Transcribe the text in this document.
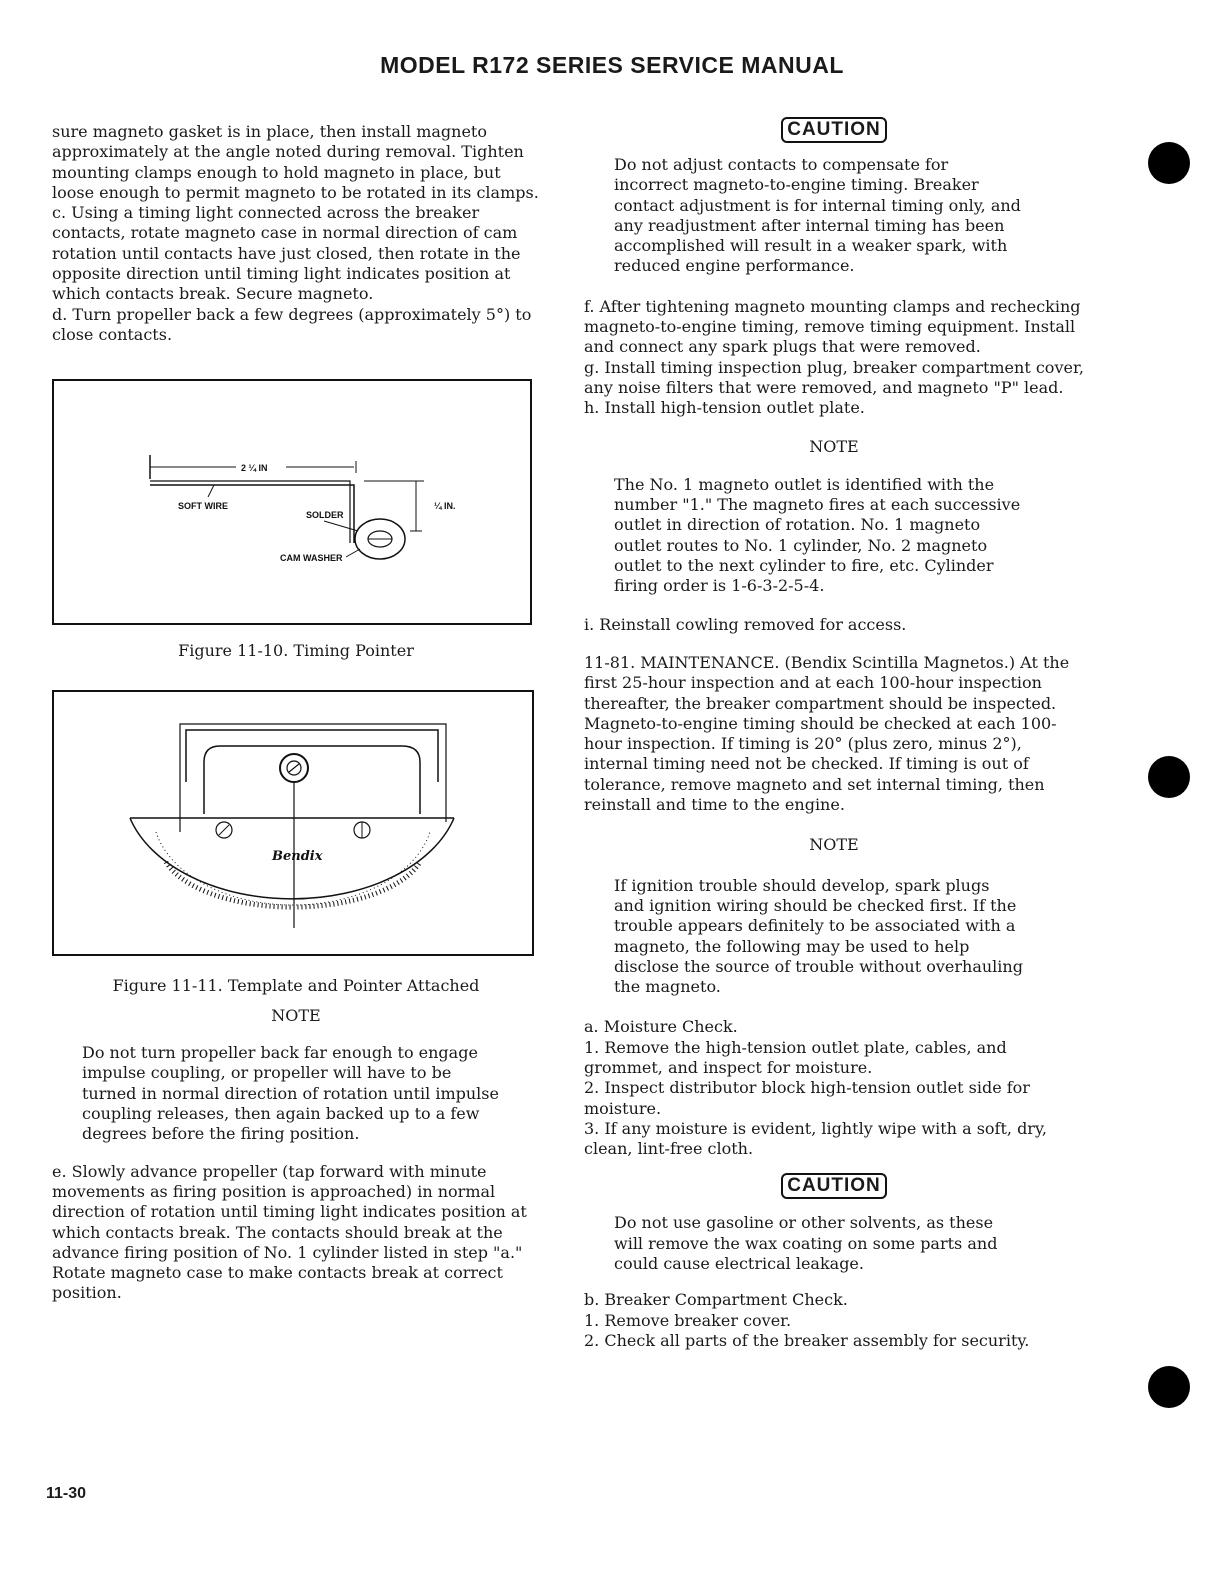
MODEL R172 SERIES SERVICE MANUAL

sure magneto gasket is in place, then install magneto approximately at the angle noted during removal. Tighten mounting clamps enough to hold magneto in place, but loose enough to permit magneto to be rotated in its clamps.

c. Using a timing light connected across the breaker contacts, rotate magneto case in normal direction of cam rotation until contacts have just closed, then rotate in the opposite direction until timing light indicates position at which contacts break. Secure magneto.

d. Turn propeller back a few degrees (approximately 5°) to close contacts.

2 ¼ IN
SOFT WIRE	¼ IN.
SOLDER
CAM WASHER

Figure 11-10. Timing Pointer

Bendix

Figure 11-11. Template and Pointer Attached

NOTE

Do not turn propeller back far enough to engage impulse coupling, or propeller will have to be turned in normal direction of rotation until impulse coupling releases, then again backed up to a few degrees before the firing position.

e. Slowly advance propeller (tap forward with minute movements as firing position is approached) in normal direction of rotation until timing light indicates position at which contacts break. The contacts should break at the advance firing position of No. 1 cylinder listed in step "a." Rotate magneto case to make contacts break at correct position.

CAUTION

Do not adjust contacts to compensate for incorrect magneto-to-engine timing. Breaker contact adjustment is for internal timing only, and any readjustment after internal timing has been accomplished will result in a weaker spark, with reduced engine performance.

f. After tightening magneto mounting clamps and rechecking magneto-to-engine timing, remove timing equipment. Install and connect any spark plugs that were removed.

g. Install timing inspection plug, breaker compartment cover, any noise filters that were removed, and magneto "P" lead.

h. Install high-tension outlet plate.

NOTE

The No. 1 magneto outlet is identified with the number "1." The magneto fires at each successive outlet in direction of rotation. No. 1 magneto outlet routes to No. 1 cylinder, No. 2 magneto outlet to the next cylinder to fire, etc. Cylinder firing order is 1-6-3-2-5-4.

i. Reinstall cowling removed for access.

11-81. MAINTENANCE. (Bendix Scintilla Magnetos.) At the first 25-hour inspection and at each 100-hour inspection thereafter, the breaker compartment should be inspected. Magneto-to-engine timing should be checked at each 100-hour inspection. If timing is 20° (plus zero, minus 2°), internal timing need not be checked. If timing is out of tolerance, remove magneto and set internal timing, then reinstall and time to the engine.

NOTE

If ignition trouble should develop, spark plugs and ignition wiring should be checked first. If the trouble appears definitely to be associated with a magneto, the following may be used to help disclose the source of trouble without overhauling the magneto.

a. Moisture Check.

1. Remove the high-tension outlet plate, cables, and grommet, and inspect for moisture.

2. Inspect distributor block high-tension outlet side for moisture.

3. If any moisture is evident, lightly wipe with a soft, dry, clean, lint-free cloth.

CAUTION

Do not use gasoline or other solvents, as these will remove the wax coating on some parts and could cause electrical leakage.

b. Breaker Compartment Check.

1. Remove breaker cover.

2. Check all parts of the breaker assembly for security.

11-30
